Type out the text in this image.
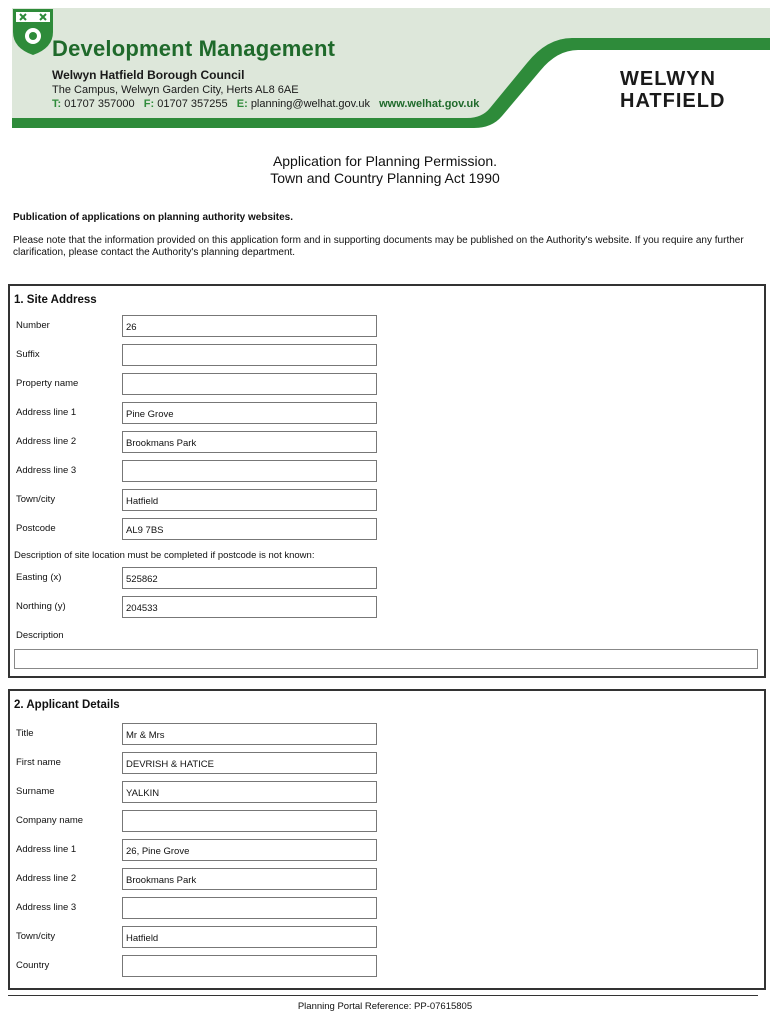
Development Management
Welwyn Hatfield Borough Council
The Campus, Welwyn Garden City, Herts AL8 6AE
T: 01707 357000 F: 01707 357255 E: planning@welhat.gov.uk www.welhat.gov.uk
WELWYN
HATFIELD
Application for Planning Permission.
Town and Country Planning Act 1990
Publication of applications on planning authority websites.
Please note that the information provided on this application form and in supporting documents may be published on the Authority's website. If you require any further clarification, please contact the Authority's planning department.
1. Site Address
Number	26
Suffix
Property name
Address line 1	Pine Grove
Address line 2	Brookmans Park
Address line 3
Town/city	Hatfield
Postcode	AL9 7BS
Description of site location must be completed if postcode is not known:
Easting (x)	525862
Northing (y)	204533
Description
2. Applicant Details
Title	Mr & Mrs
First name	DEVRISH & HATICE
Surname	YALKIN
Company name
Address line 1	26, Pine Grove
Address line 2	Brookmans Park
Address line 3
Town/city	Hatfield
Country
Planning Portal Reference: PP-07615805
